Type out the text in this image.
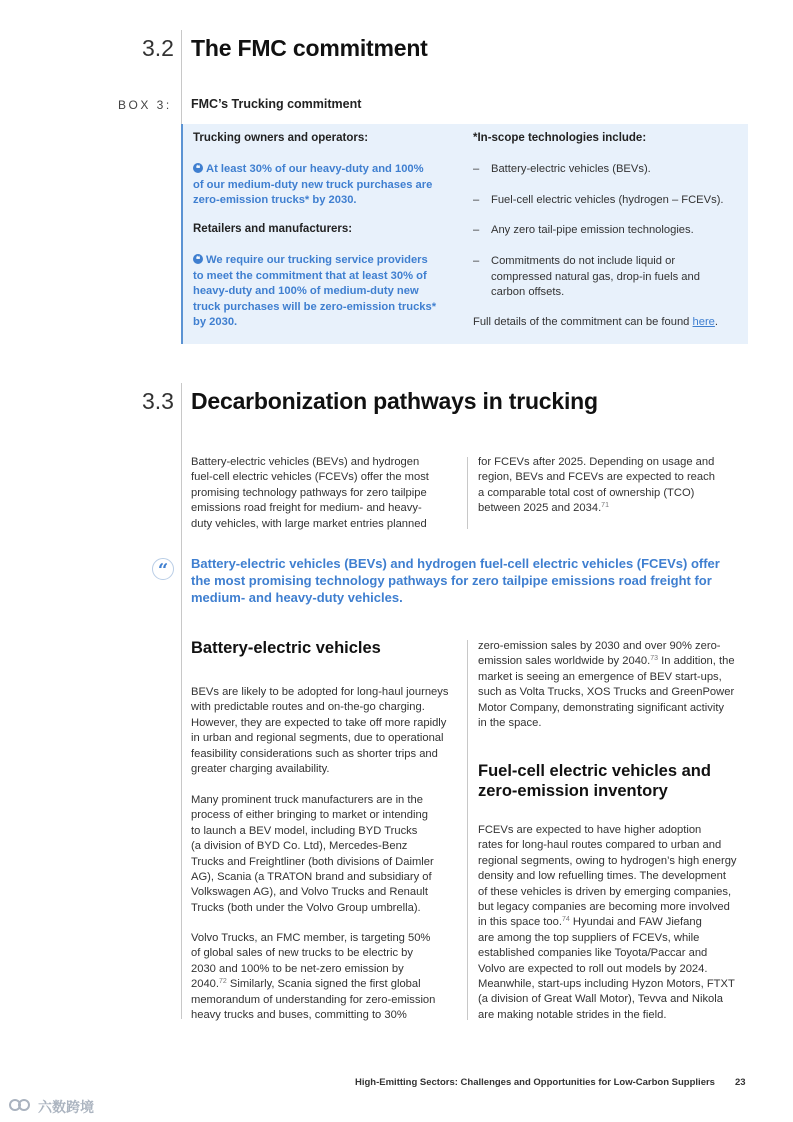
3.2 The FMC commitment
BOX 3: FMC’s Trucking commitment
Trucking owners and operators:
❝ At least 30% of our heavy-duty and 100%
of our medium-duty new truck purchases are
zero-emission trucks* by 2030.
Retailers and manufacturers:
❝ We require our trucking service providers
to meet the commitment that at least 30% of
heavy-duty and 100% of medium-duty new
truck purchases will be zero-emission trucks*
by 2030.
*In-scope technologies include:
– Battery-electric vehicles (BEVs).
– Fuel-cell electric vehicles (hydrogen – FCEVs).
– Any zero tail-pipe emission technologies.
– Commitments do not include liquid or
compressed natural gas, drop-in fuels and
carbon offsets.
Full details of the commitment can be found here.
3.3 Decarbonization pathways in trucking
Battery-electric vehicles (BEVs) and hydrogen
fuel-cell electric vehicles (FCEVs) offer the most
promising technology pathways for zero tailpipe
emissions road freight for medium- and heavy-
duty vehicles, with large market entries planned
for FCEVs after 2025. Depending on usage and
region, BEVs and FCEVs are expected to reach
a comparable total cost of ownership (TCO)
between 2025 and 2034.71
“	Battery-electric vehicles (BEVs) and hydrogen fuel-cell electric vehicles (FCEVs) offer
the most promising technology pathways for zero tailpipe emissions road freight for
medium- and heavy-duty vehicles.
Battery-electric vehicles
BEVs are likely to be adopted for long-haul journeys
with predictable routes and on-the-go charging.
However, they are expected to take off more rapidly
in urban and regional segments, due to operational
feasibility considerations such as shorter trips and
greater charging availability.
Many prominent truck manufacturers are in the
process of either bringing to market or intending
to launch a BEV model, including BYD Trucks
(a division of BYD Co. Ltd), Mercedes-Benz
Trucks and Freightliner (both divisions of Daimler
AG), Scania (a TRATON brand and subsidiary of
Volkswagen AG), and Volvo Trucks and Renault
Trucks (both under the Volvo Group umbrella).
Volvo Trucks, an FMC member, is targeting 50%
of global sales of new trucks to be electric by
2030 and 100% to be net-zero emission by
2040.72 Similarly, Scania signed the first global
memorandum of understanding for zero-emission
heavy trucks and buses, committing to 30%
zero-emission sales by 2030 and over 90% zero-
emission sales worldwide by 2040.73 In addition, the
market is seeing an emergence of BEV start-ups,
such as Volta Trucks, XOS Trucks and GreenPower
Motor Company, demonstrating significant activity
in the space.
Fuel-cell electric vehicles and
zero-emission inventory
FCEVs are expected to have higher adoption
rates for long-haul routes compared to urban and
regional segments, owing to hydrogen’s high energy
density and low refuelling times. The development
of these vehicles is driven by emerging companies,
but legacy companies are becoming more involved
in this space too.$^{74}$ Hyundai and FAW Jiefang
are among the top suppliers of FCEVs, while
established companies like Toyota/Paccar and
Volvo are expected to roll out models by 2024.
Meanwhile, start-ups including Hyzon Motors, FTXT
(a division of Great Wall Motor), Tevva and Nikola
are making notable strides in the field.
High-Emitting Sectors: Challenges and Opportunities for Low-Carbon Suppliers 23
六数跨境
